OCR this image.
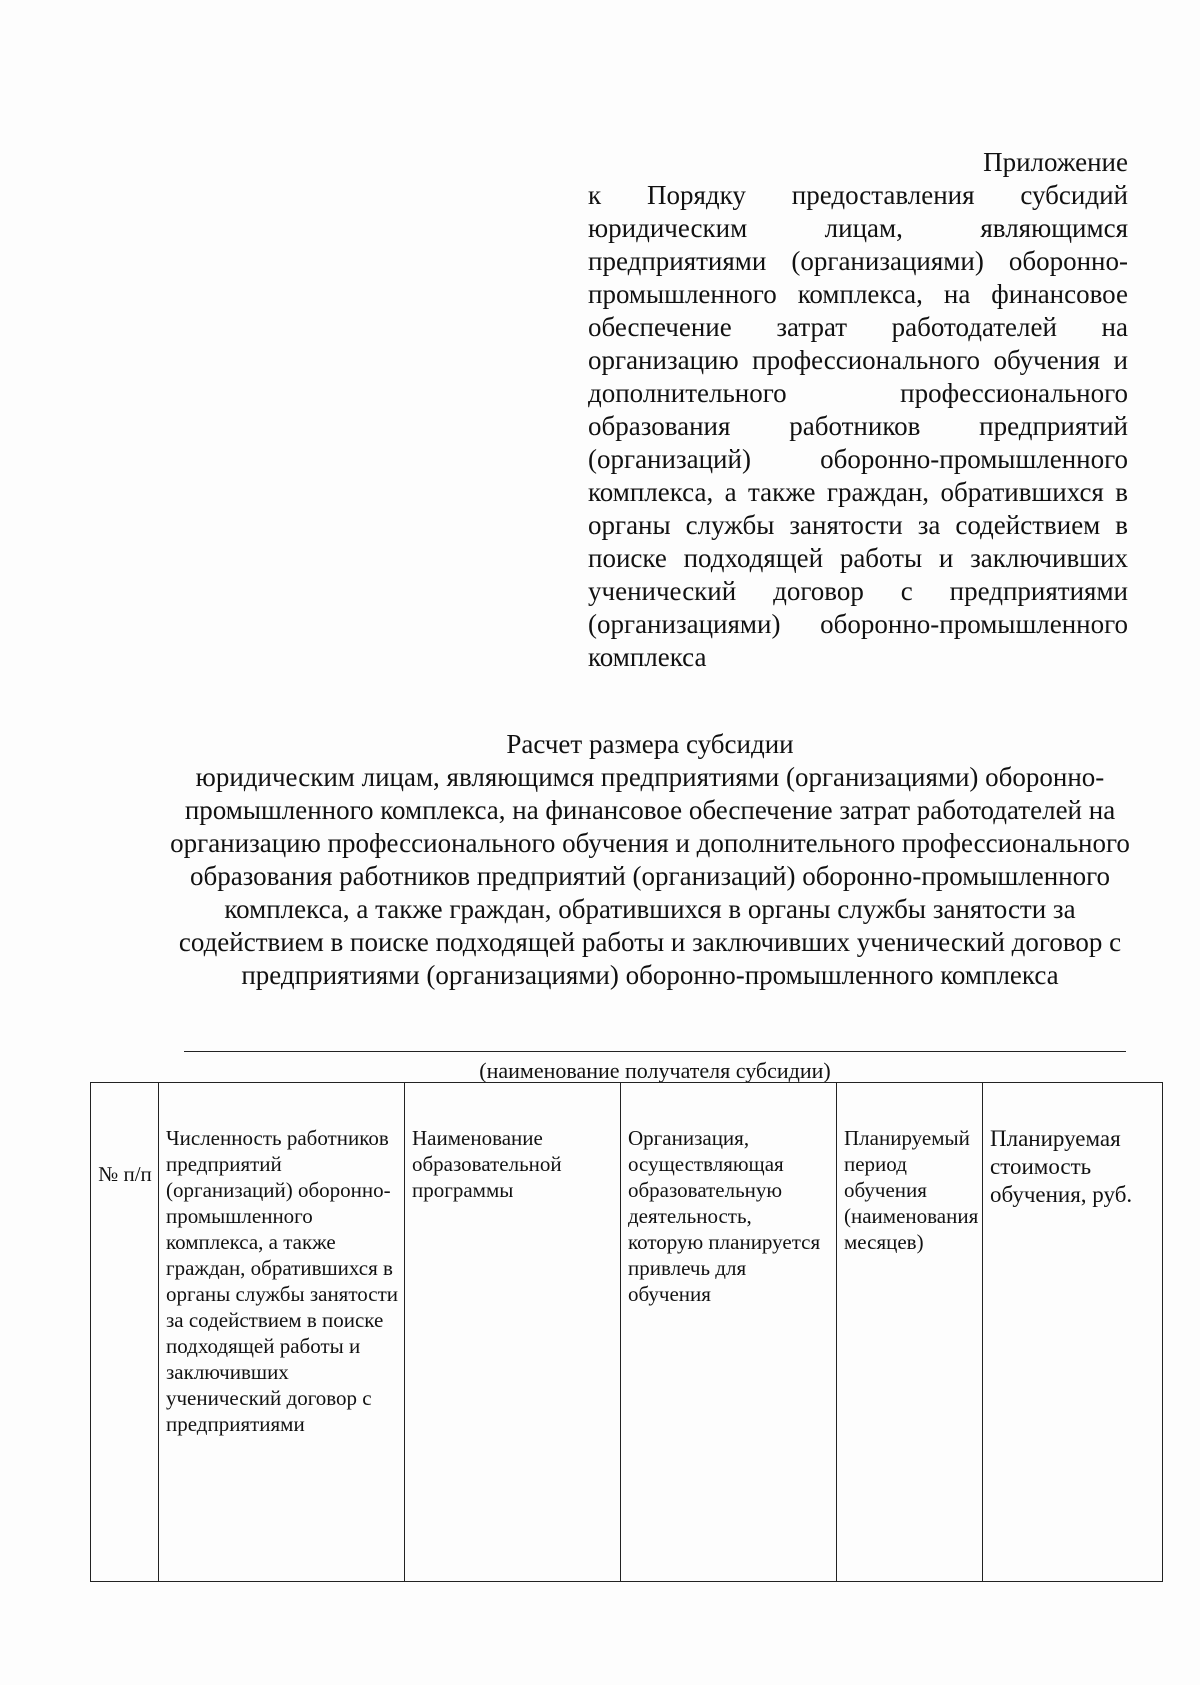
Приложение

к Порядку предоставления субсидий юридическим лицам, являющимся предприятиями (организациями) оборонно-промышленного комплекса, на финансовое обеспечение затрат работодателей на организацию профессионального обучения и дополнительного профессионального образования работников предприятий (организаций) оборонно-промышленного комплекса, а также граждан, обратившихся в органы службы занятости за содействием в поиске подходящей работы и заключивших ученический договор с предприятиями (организациями) оборонно-промышленного комплекса

Расчет размера субсидии

юридическим лицам, являющимся предприятиями (организациями) оборонно-промышленного комплекса, на финансовое обеспечение затрат работодателей на организацию профессионального обучения и дополнительного профессионального образования работников предприятий (организаций) оборонно-промышленного комплекса, а также граждан, обратившихся в органы службы занятости за содействием в поиске подходящей работы и заключивших ученический договор с предприятиями (организациями) оборонно-промышленного комплекса

(наименование получателя субсидии)
№ п/п	Численность работников предприятий (организаций) оборонно-промышленного комплекса, а также граждан, обратившихся в органы службы занятости за содействием в поиске подходящей работы и заключивших ученический договор с предприятиями	Наименование образовательной программы	Организация, осуществляющая образовательную деятельность, которую планируется привлечь для обучения	Планируемый период обучения (наименования месяцев)	Планируемая стоимость обучения, руб.
